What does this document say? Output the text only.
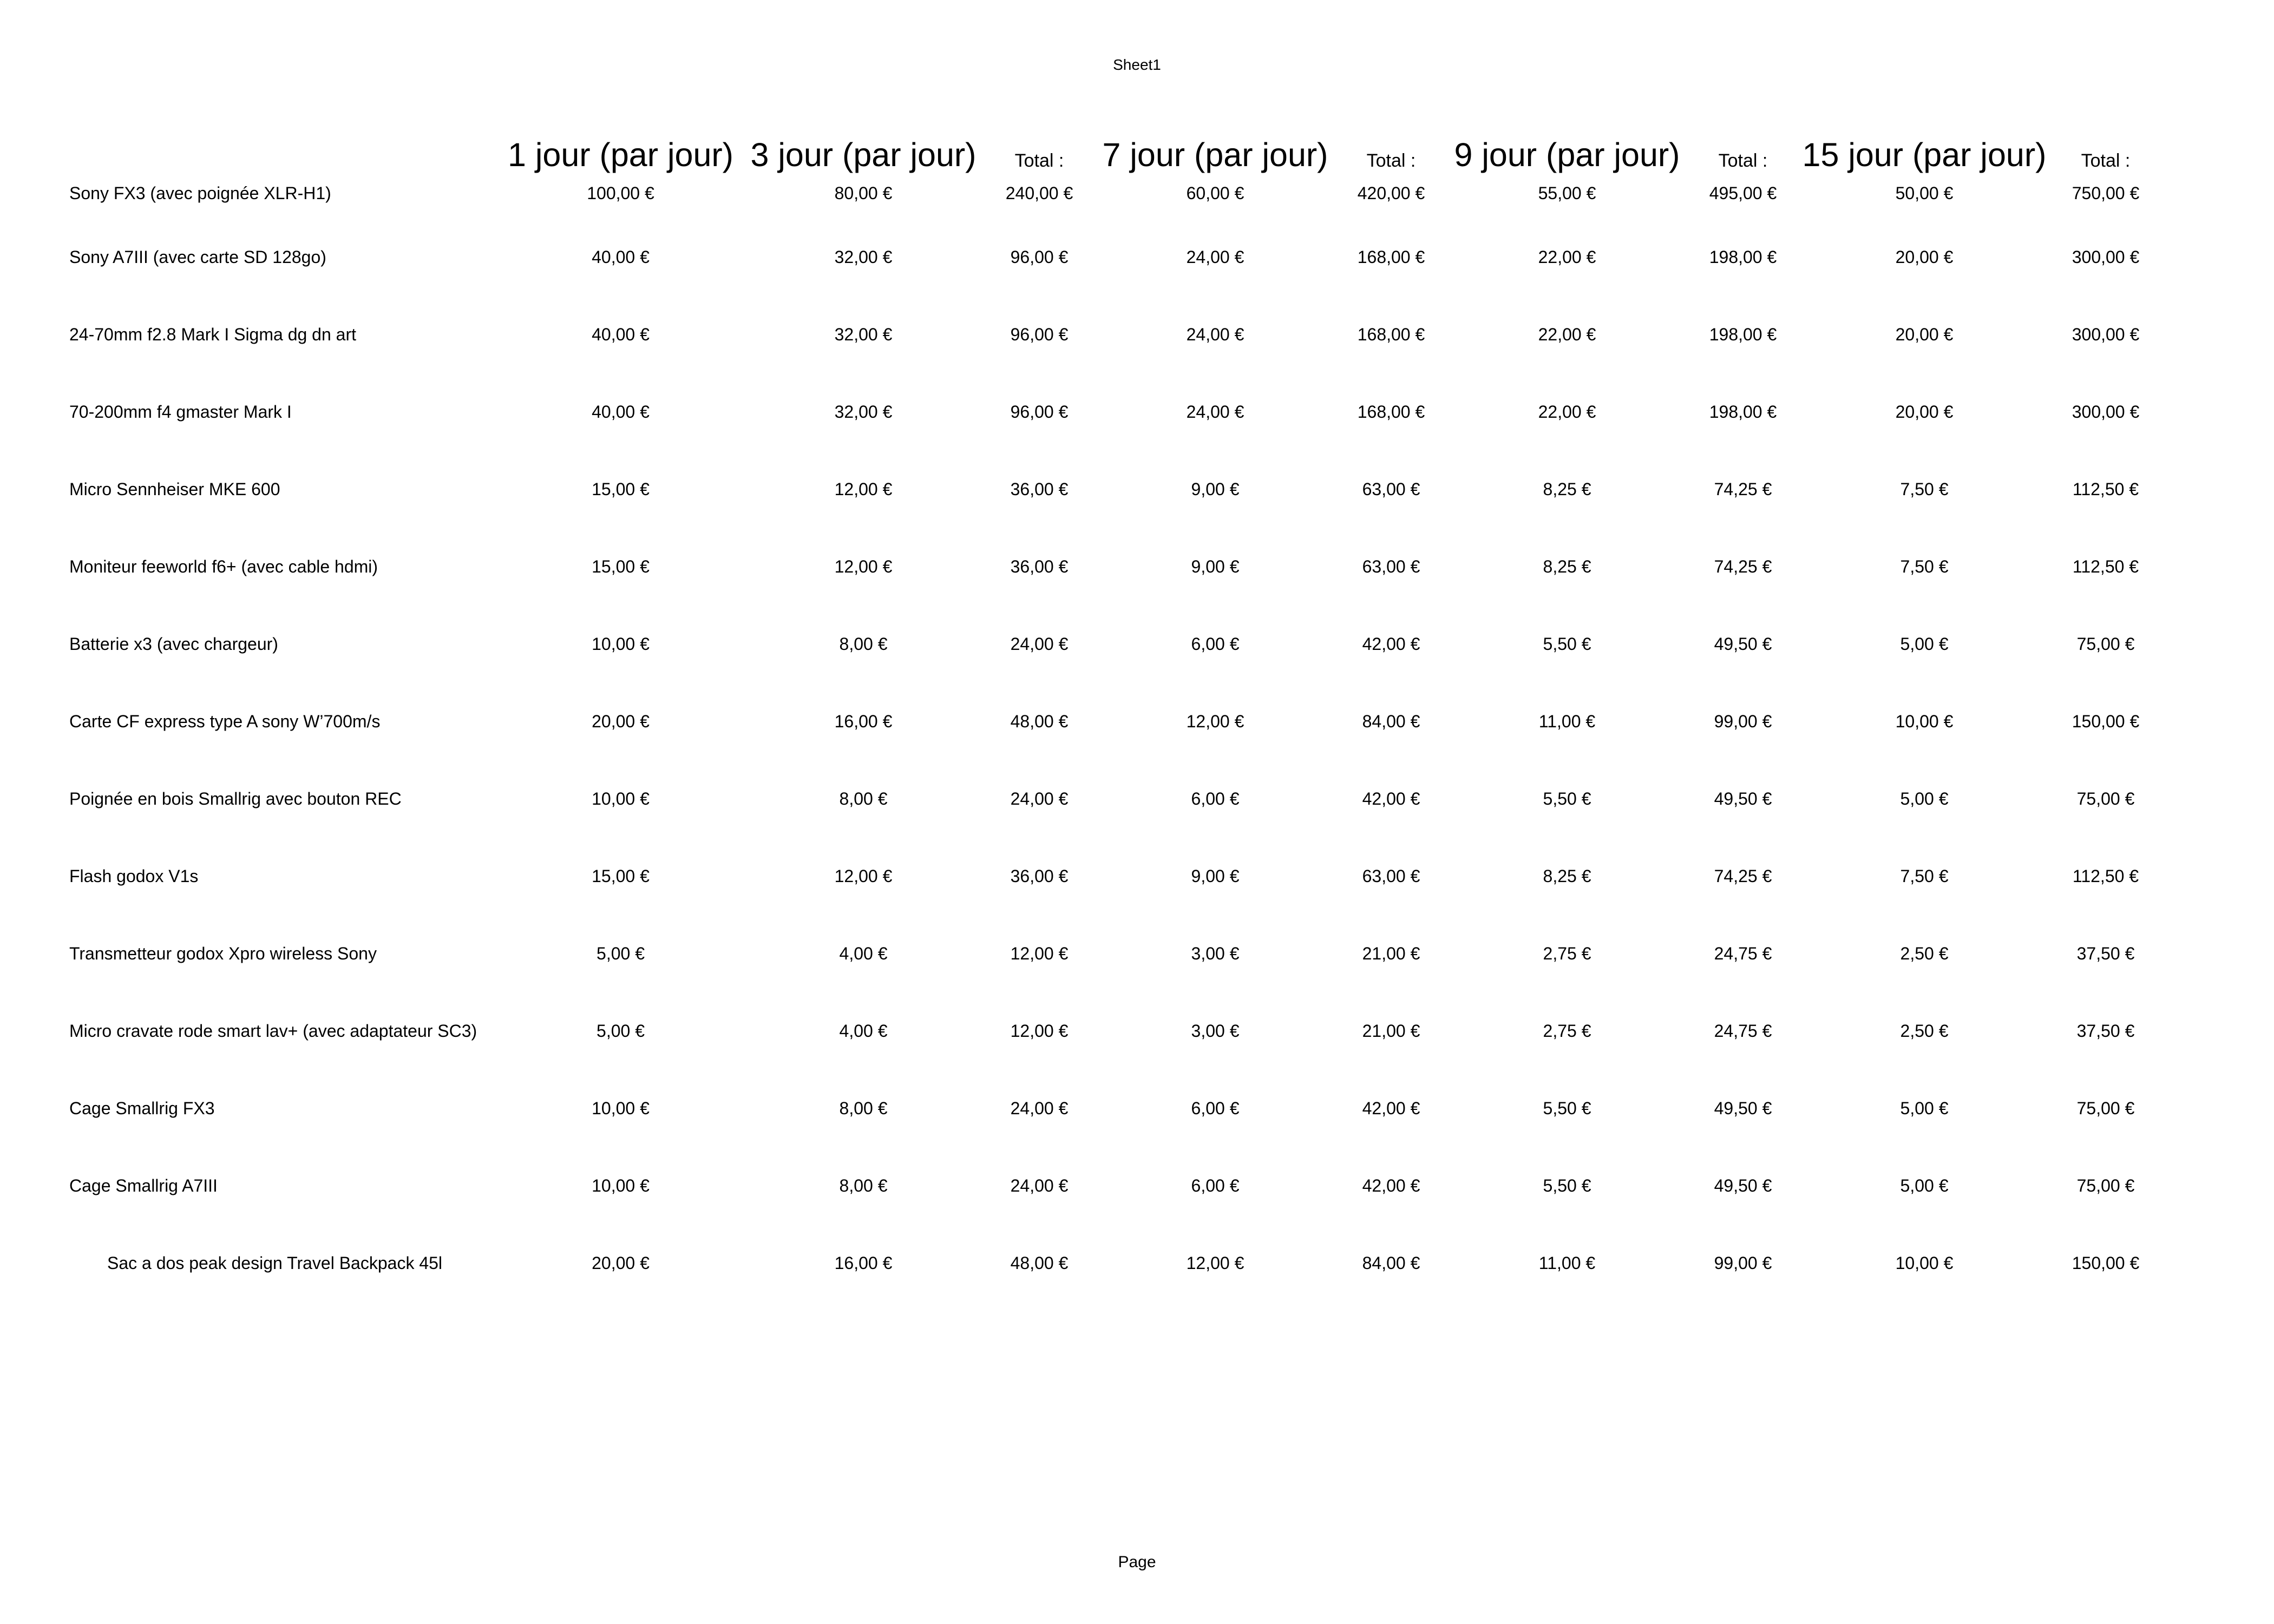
Sheet1
	1 jour (par jour)	3 jour (par jour)	Total :	7 jour (par jour)	Total :	9 jour (par jour)	Total :	15 jour (par jour)	Total :
Sony FX3 (avec poignée XLR-H1)	100,00 €	80,00 €	240,00 €	60,00 €	420,00 €	55,00 €	495,00 €	50,00 €	750,00 €
Sony A7III (avec carte SD 128go)	40,00 €	32,00 €	96,00 €	24,00 €	168,00 €	22,00 €	198,00 €	20,00 €	300,00 €
24-70mm f2.8 Mark I Sigma dg dn art	40,00 €	32,00 €	96,00 €	24,00 €	168,00 €	22,00 €	198,00 €	20,00 €	300,00 €
70-200mm f4 gmaster Mark I	40,00 €	32,00 €	96,00 €	24,00 €	168,00 €	22,00 €	198,00 €	20,00 €	300,00 €
Micro Sennheiser MKE 600	15,00 €	12,00 €	36,00 €	9,00 €	63,00 €	8,25 €	74,25 €	7,50 €	112,50 €
Moniteur feeworld f6+ (avec cable hdmi)	15,00 €	12,00 €	36,00 €	9,00 €	63,00 €	8,25 €	74,25 €	7,50 €	112,50 €
Batterie x3 (avec chargeur)	10,00 €	8,00 €	24,00 €	6,00 €	42,00 €	5,50 €	49,50 €	5,00 €	75,00 €
Carte CF express type A sony W’700m/s	20,00 €	16,00 €	48,00 €	12,00 €	84,00 €	11,00 €	99,00 €	10,00 €	150,00 €
Poignée en bois Smallrig avec bouton REC	10,00 €	8,00 €	24,00 €	6,00 €	42,00 €	5,50 €	49,50 €	5,00 €	75,00 €
Flash godox V1s	15,00 €	12,00 €	36,00 €	9,00 €	63,00 €	8,25 €	74,25 €	7,50 €	112,50 €
Transmetteur godox Xpro wireless Sony	5,00 €	4,00 €	12,00 €	3,00 €	21,00 €	2,75 €	24,75 €	2,50 €	37,50 €
Micro cravate rode smart lav+ (avec adaptateur SC3)	5,00 €	4,00 €	12,00 €	3,00 €	21,00 €	2,75 €	24,75 €	2,50 €	37,50 €
Cage Smallrig FX3	10,00 €	8,00 €	24,00 €	6,00 €	42,00 €	5,50 €	49,50 €	5,00 €	75,00 €
Cage Smallrig A7III	10,00 €	8,00 €	24,00 €	6,00 €	42,00 €	5,50 €	49,50 €	5,00 €	75,00 €
Sac a dos peak design Travel Backpack 45l	20,00 €	16,00 €	48,00 €	12,00 €	84,00 €	11,00 €	99,00 €	10,00 €	150,00 €
Page
